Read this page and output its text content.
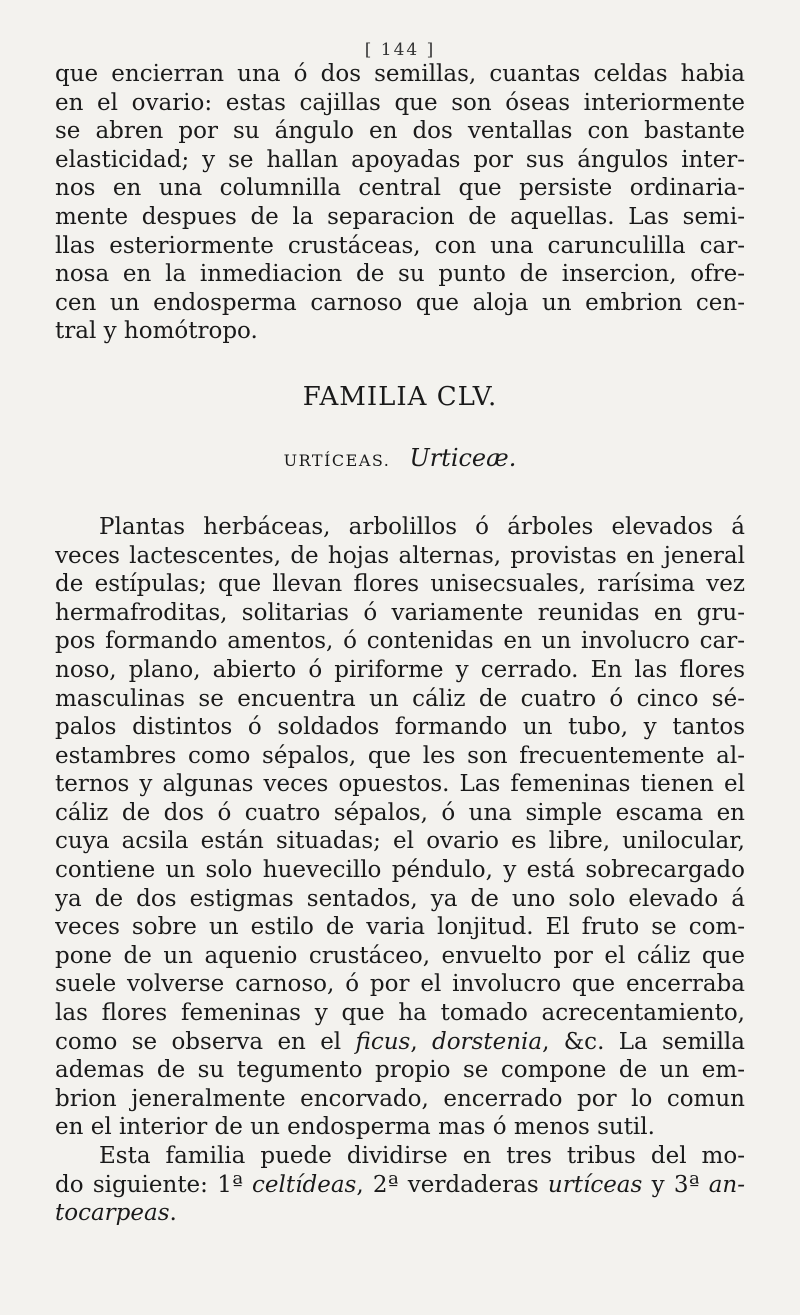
[ 144 ]
que encierran una ó dos semillas, cuantas celdas habia
en el ovario: estas cajillas que son óseas interiormente
se abren por su ángulo en dos ventallas con bastante
elasticidad; y se hallan apoyadas por sus ángulos inter-
nos en una columnilla central que persiste ordinaria-
mente despues de la separacion de aquellas. Las semi-
llas esteriormente crustáceas, con una carunculilla car-
nosa en la inmediacion de su punto de insercion, ofre-
cen un endosperma carnoso que aloja un embrion cen-
tral y homótropo.
FAMILIA CLV.
URTÍCEAS. Urticeæ.
Plantas herbáceas, arbolillos ó árboles elevados á
veces lactescentes, de hojas alternas, provistas en jeneral
de estípulas; que llevan flores unisecsuales, rarísima vez
hermafroditas, solitarias ó variamente reunidas en gru-
pos formando amentos, ó contenidas en un involucro car-
noso, plano, abierto ó piriforme y cerrado. En las flores
masculinas se encuentra un cáliz de cuatro ó cinco sé-
palos distintos ó soldados formando un tubo, y tantos
estambres como sépalos, que les son frecuentemente al-
ternos y algunas veces opuestos. Las femeninas tienen el
cáliz de dos ó cuatro sépalos, ó una simple escama en
cuya acsila están situadas; el ovario es libre, unilocular,
contiene un solo huevecillo péndulo, y está sobrecargado
ya de dos estigmas sentados, ya de uno solo elevado á
veces sobre un estilo de varia lonjitud. El fruto se com-
pone de un aquenio crustáceo, envuelto por el cáliz que
suele volverse carnoso, ó por el involucro que encerraba
las flores femeninas y que ha tomado acrecentamiento,
como se observa en el ficus, dorstenia, &c. La semilla
ademas de su tegumento propio se compone de un em-
brion jeneralmente encorvado, encerrado por lo comun
en el interior de un endosperma mas ó menos sutil.
Esta familia puede dividirse en tres tribus del mo-
do siguiente: 1ª celtídeas, 2ª verdaderas urtíceas y 3ª an-
tocarpeas.
